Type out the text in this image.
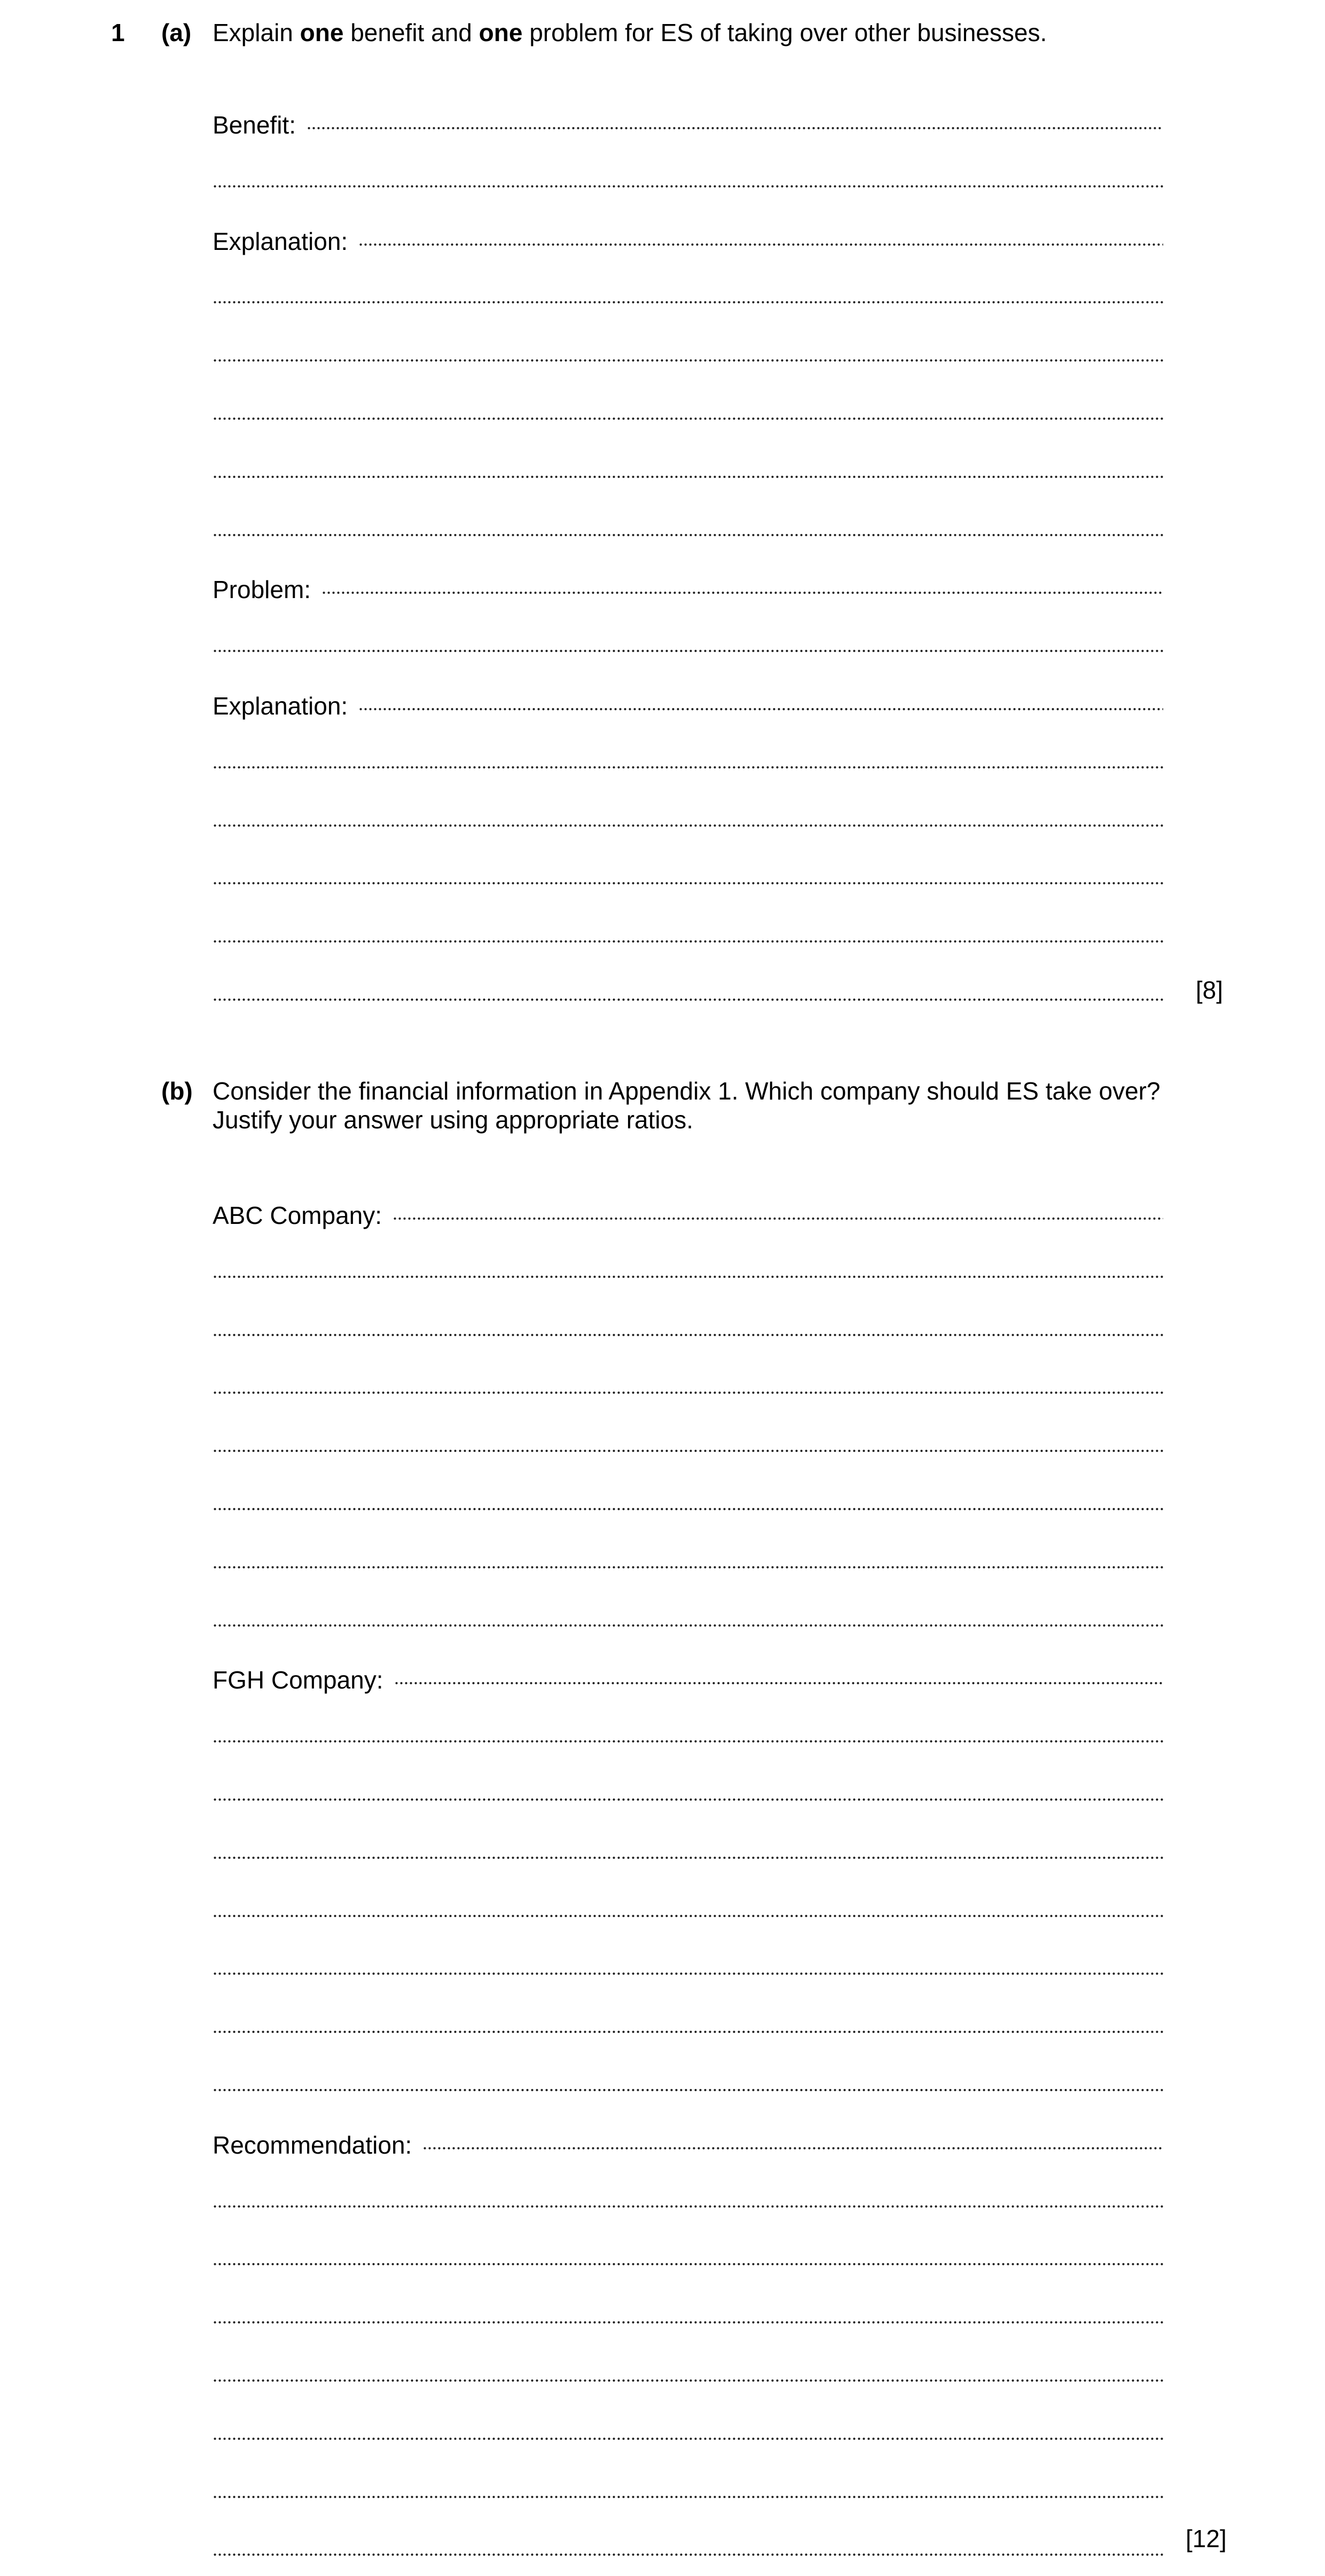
1 (a) Explain one benefit and one problem for ES of taking over other businesses.
Benefit:
Explanation:
Problem:
Explanation:
[8]
(b) Consider the financial information in Appendix 1. Which company should ES take over? Justify your answer using appropriate ratios.
ABC Company:
FGH Company:
Recommendation:
[12]
